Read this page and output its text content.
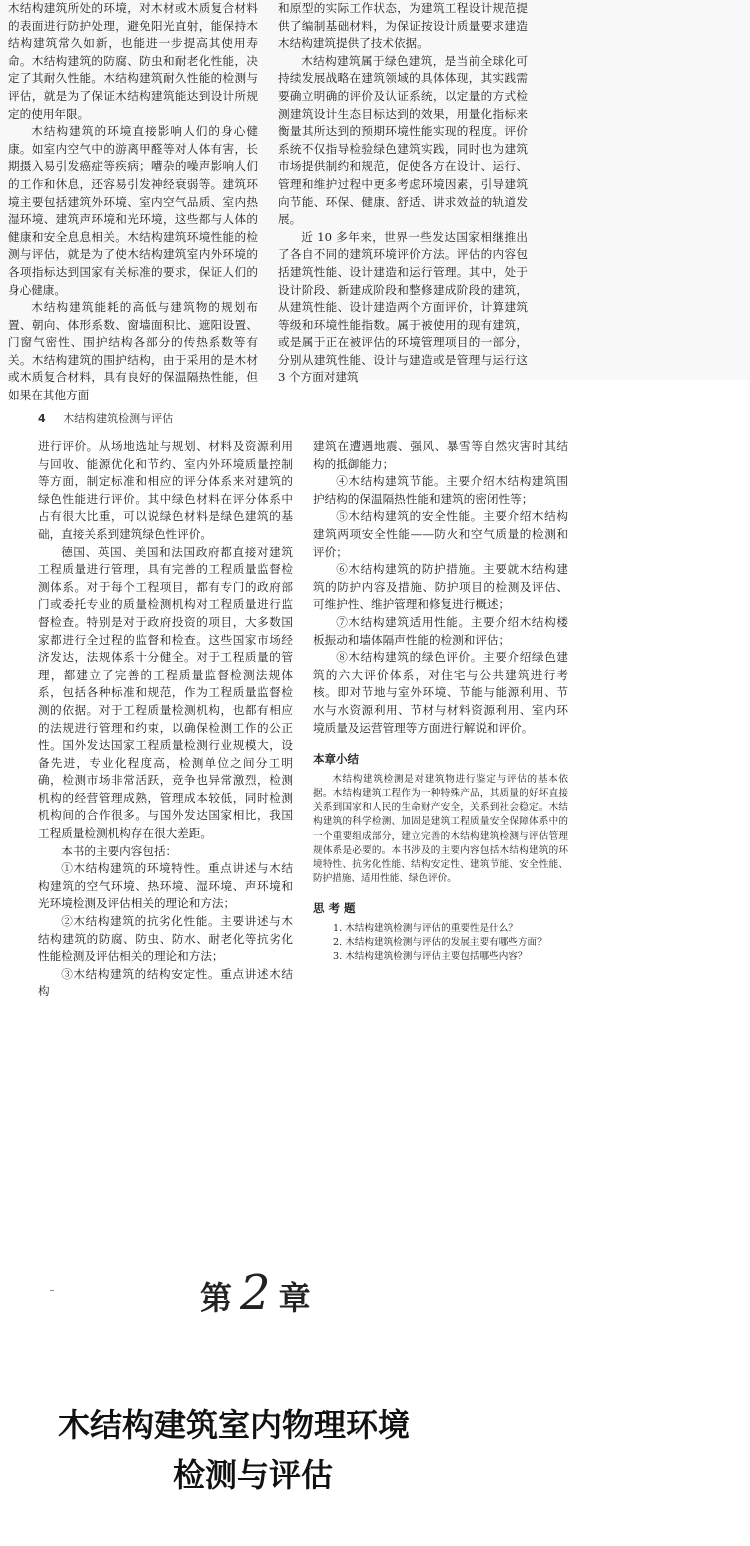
木结构建筑所处的环境，对木材或木质复合材料的表面进行防护处理，避免阳光直射，能保持木结构建筑常久如新，也能进一步提高其使用寿命。木结构建筑的防腐、防虫和耐老化性能，决定了其耐久性能。木结构建筑耐久性能的检测与评估，就是为了保证木结构建筑能达到设计所规定的使用年限。

木结构建筑的环境直接影响人们的身心健康。如室内空气中的游离甲醛等对人体有害，长期摄入易引发癌症等疾病；嘈杂的噪声影响人们的工作和休息，还容易引发神经衰弱等。建筑环境主要包括建筑外环境、室内空气品质、室内热湿环境、建筑声环境和光环境，这些都与人体的健康和安全息息相关。木结构建筑环境性能的检测与评估，就是为了使木结构建筑室内外环境的各项指标达到国家有关标准的要求，保证人们的身心健康。

木结构建筑能耗的高低与建筑物的规划布置、朝向、体形系数、窗墙面积比、遮阳设置、门窗气密性、围护结构各部分的传热系数等有关。木结构建筑的围护结构，由于采用的是木材或木质复合材料，具有良好的保温隔热性能，但如果在其他方面

和原型的实际工作状态，为建筑工程设计规范提供了编制基础材料，为保证按设计质量要求建造木结构建筑提供了技术依据。

木结构建筑属于绿色建筑，是当前全球化可持续发展战略在建筑领域的具体体现，其实践需要确立明确的评价及认证系统，以定量的方式检测建筑设计生态目标达到的效果，用量化指标来衡量其所达到的预期环境性能实现的程度。评价系统不仅指导检验绿色建筑实践，同时也为建筑市场提供制约和规范，促使各方在设计、运行、管理和维护过程中更多考虑环境因素，引导建筑向节能、环保、健康、舒适、讲求效益的轨道发展。

近 10 多年来，世界一些发达国家相继推出了各自不同的建筑环境评价方法。评估的内容包括建筑性能、设计建造和运行管理。其中，处于设计阶段、新建成阶段和整修建成阶段的建筑，从建筑性能、设计建造两个方面评价，计算建筑等级和环境性能指数。属于被使用的现有建筑，或是属于正在被评估的环境管理项目的一部分，分别从建筑性能、设计与建造或是管理与运行这 3 个方面对建筑

4 木结构建筑检测与评估

进行评价。从场地选址与规划、材料及资源利用与回收、能源优化和节约、室内外环境质量控制等方面，制定标准和相应的评分体系来对建筑的绿色性能进行评价。其中绿色材料在评分体系中占有很大比重，可以说绿色材料是绿色建筑的基础，直接关系到建筑绿色性评价。

德国、英国、美国和法国政府都直接对建筑工程质量进行管理，具有完善的工程质量监督检测体系。对于每个工程项目，都有专门的政府部门或委托专业的质量检测机构对工程质量进行监督检查。特别是对于政府投资的项目，大多数国家都进行全过程的监督和检查。这些国家市场经济发达，法规体系十分健全。对于工程质量的管理，都建立了完善的工程质量监督检测法规体系，包括各种标准和规范，作为工程质量监督检测的依据。对于工程质量检测机构，也都有相应的法规进行管理和约束，以确保检测工作的公正性。国外发达国家工程质量检测行业规模大，设备先进，专业化程度高，检测单位之间分工明确，检测市场非常活跃，竞争也异常激烈，检测机构的经营管理成熟，管理成本较低，同时检测机构间的合作很多。与国外发达国家相比，我国工程质量检测机构存在很大差距。

本书的主要内容包括：

①木结构建筑的环境特性。重点讲述与木结构建筑的空气环境、热环境、湿环境、声环境和光环境检测及评估相关的理论和方法；

②木结构建筑的抗劣化性能。主要讲述与木结构建筑的防腐、防虫、防水、耐老化等抗劣化性能检测及评估相关的理论和方法；

③木结构建筑的结构安定性。重点讲述木结构

建筑在遭遇地震、强风、暴雪等自然灾害时其结构的抵御能力；

④木结构建筑节能。主要介绍木结构建筑围护结构的保温隔热性能和建筑的密闭性等；

⑤木结构建筑的安全性能。主要介绍木结构建筑两项安全性能——防火和空气质量的检测和评价；

⑥木结构建筑的防护措施。主要就木结构建筑的防护内容及措施、防护项目的检测及评估、可维护性、维护管理和修复进行概述；

⑦木结构建筑适用性能。主要介绍木结构楼板振动和墙体隔声性能的检测和评估；

⑧木结构建筑的绿色评价。主要介绍绿色建筑的六大评价体系，对住宅与公共建筑进行考核。即对节地与室外环境、节能与能源利用、节水与水资源利用、节材与材料资源利用、室内环境质量及运营管理等方面进行解说和评价。

本章小结

木结构建筑检测是对建筑物进行鉴定与评估的基本依据。木结构建筑工程作为一种特殊产品，其质量的好坏直接关系到国家和人民的生命财产安全，关系到社会稳定。木结构建筑的科学检测、加固是建筑工程质量安全保障体系中的一个重要组成部分，建立完善的木结构建筑检测与评估管理规体系是必要的。本书涉及的主要内容包括木结构建筑的环境特性、抗劣化性能、结构安定性、建筑节能、安全性能、防护措施、适用性能、绿色评价。

思 考 题

1. 木结构建筑检测与评估的重要性是什么？

2. 木结构建筑检测与评估的发展主要有哪些方面？

3. 木结构建筑检测与评估主要包括哪些内容？

第 2 章
木结构建筑室内物理环境
检测与评估
